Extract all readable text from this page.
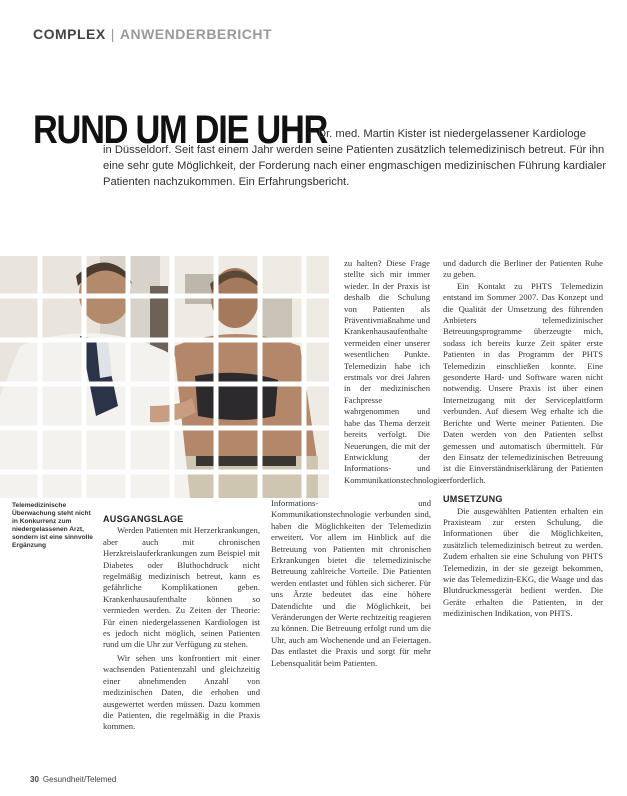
COMPLEX | ANWENDERBERICHT
RUND UM DIE UHR
Dr. med. Martin Kister ist niedergelassener Kardiologe
in Düsseldorf. Seit fast einem Jahr werden seine Patienten zusätzlich telemedizinisch betreut. Für ihn
eine sehr gute Möglichkeit, der Forderung nach einer engmaschigen medizinischen Führung kardialer
Patienten nachzukommen. Ein Erfahrungsbericht.
Telemedizinische Überwachung steht nicht in Konkurrenz zum niedergelassenen Arzt, sondern ist eine sinnvolle Ergänzung

zu halten? Diese Frage stellte sich mir immer wieder. In der Praxis ist deshalb die Schulung von Patienten als Präventivmaßnahme und Krankenhausaufenthalte vermeiden einer unserer wesentlichen Punkte. Telemedizin habe ich erstmals vor drei Jahren in der medizinischen Fachpresse wahrgenommen und habe das Thema derzeit bereits verfolgt. Die Neuerungen, die mit der Entwicklung der Informations- und Kommunikationstechnologie

AUSGANGSLAGE

Werden Patienten mit Herzerkrankungen, aber auch mit chronischen Herzkreislauferkrankungen zum Beispiel mit Diabetes oder Bluthochdruck nicht regelmäßig medizinisch betreut, kann es gefährliche Komplikationen geben. Krankenhausaufenthalte können so vermieden werden. Zu Zeiten der Theorie: Für einen niedergelassenen Kardiologen ist es jedoch nicht möglich, seinen Patienten rund um die Uhr zur Verfügung zu stehen.

Wir sehen uns konfrontiert mit einer wachsenden Patientenzahl und gleichzeitig einer abnehmenden Anzahl von medizinischen Daten, die erhoben und ausgewertet werden müssen. Dazu kommen die Patienten, die regelmäßig in die Praxis kommen.

Informations- und Kommunikationstechnologie verbunden sind, haben die Möglichkeiten der Telemedizin erweitert. Vor allem im Hinblick auf die Betreuung von Patienten mit chronischen Erkrankungen bietet die telemedizinische Betreuung zahlreiche Vorteile. Die Patienten werden entlastet und fühlen sich sicherer. Für uns Ärzte bedeutet das eine höhere Datendichte und die Möglichkeit, bei Veränderungen der Werte rechtzeitig reagieren zu können. Die Betreuung erfolgt rund um die Uhr, auch am Wochenende und an Feiertagen. Das entlastet die Praxis und sorgt für mehr Lebensqualität beim Patienten.

und dadurch die Berliner der Patienten Ruhe zu geben.

Ein Kontakt zu PHTS Telemedizin entstand im Sommer 2007. Das Konzept und die Qualität der Umsetzung des führenden Anbieters telemedizinischer Betreuungsprogramme überzeugte mich, sodass ich bereits kurze Zeit später erste Patienten in das Programm der PHTS Telemedizin einschließen konnte. Eine gesonderte Hard- und Software waren nicht notwendig. Unsere Praxis ist über einen Internetzugang mit der Serviceplattform verbunden. Auf diesem Weg erhalte ich die Berichte und Werte meiner Patienten. Die Daten werden von den Patienten selbst gemessen und automatisch übermittelt. Für den Einsatz der telemedizinischen Betreuung ist die Einverständniserklärung der Patienten erforderlich.

UMSETZUNG

Die ausgewählten Patienten erhalten ein Praxisteam zur ersten Schulung, die Informationen über die Möglichkeiten, zusätzlich telemedizinisch betreut zu werden. Zudem erhalten sie eine Schulung von PHTS Telemedizin, in der sie gezeigt bekommen, wie das Telemedizin-EKG, die Waage und das Blutdruckmessgerät bedient werden. Die Geräte erhalten die Patienten, in der medizinischen Indikation, von PHTS.

30 Gesundheit/Telemed
